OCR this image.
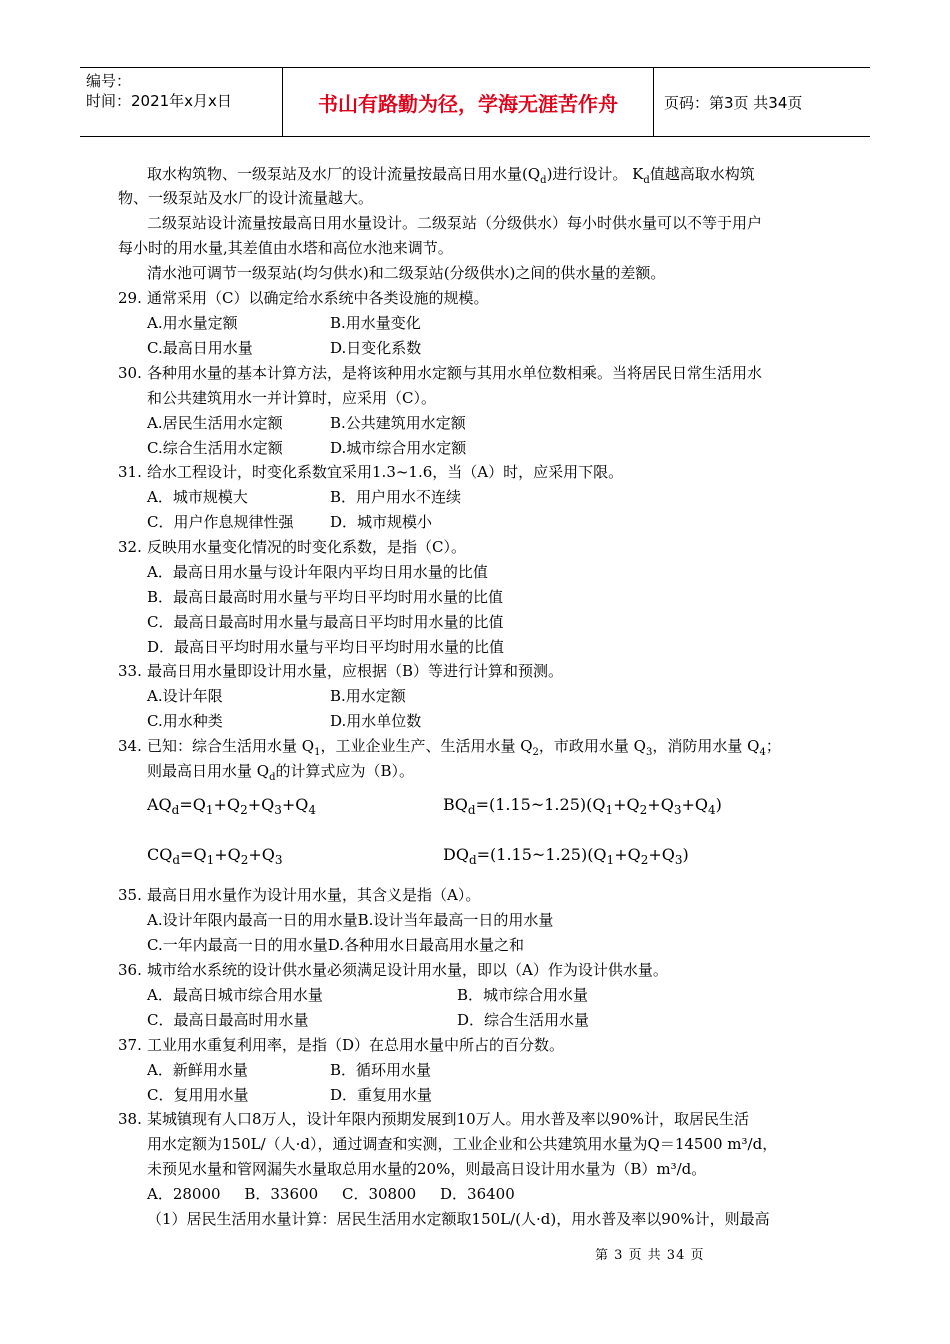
编号：
时间：2021年x月x日	书山有路勤为径，学海无涯苦作舟	页码：第3页 共34页
取水构筑物、一级泵站及水厂的设计流量按最高日用水量$(Q_d)$进行设计。 $K_d$值越高取水构筑
物、一级泵站及水厂的设计流量越大。
二级泵站设计流量按最高日用水量设计。二级泵站（分级供水）每小时供水量可以不等于用户
每小时的用水量,其差值由水塔和高位水池来调节。
清水池可调节一级泵站(均匀供水)和二级泵站(分级供水)之间的供水量的差额。
29. 通常采用（C）以确定给水系统中各类设施的规模。
A.用水量定额	B.用水量变化
C.最高日用水量	D.日变化系数
30. 各种用水量的基本计算方法，是将该种用水定额与其用水单位数相乘。当将居民日常生活用水
和公共建筑用水一并计算时，应采用（C）。
A.居民生活用水定额	B.公共建筑用水定额
C.综合生活用水定额	D.城市综合用水定额
31. 给水工程设计，时变化系数宜采用1.3~1.6，当（A）时，应采用下限。
A．城市规模大	B．用户用水不连续
C．用户作息规律性强 D．城市规模小
32. 反映用水量变化情况的时变化系数，是指（C）。
A．最高日用水量与设计年限内平均日用水量的比值
B．最高日最高时用水量与平均日平均时用水量的比值
C．最高日最高时用水量与最高日平均时用水量的比值
D．最高日平均时用水量与平均日平均时用水量的比值
33. 最高日用水量即设计用水量，应根据（B）等进行计算和预测。
A.设计年限	B.用水定额
C.用水种类	D.用水单位数
34. 已知：综合生活用水量 $Q_1$，工业企业生产、生活用水量 $Q_2$，市政用水量 $Q_3$，消防用水量 $Q_4$；
则最高日用水量 $Q_d$的计算式应为（B）。
$AQ_d=Q_1+Q_2+Q_3+Q_4$	$BQ_d=(1.15\sim 1.25)(Q_1+Q_2+Q_3+Q_4)$
$CQ_d=Q_1+Q_2+Q_3$	$DQ_d=(1.15\sim 1.25)(Q_1+Q_2+Q_3)$
35. 最高日用水量作为设计用水量，其含义是指（A）。
A.设计年限内最高一日的用水量B.设计当年最高一日的用水量
C.一年内最高一日的用水量D.各种用水日最高用水量之和
36. 城市给水系统的设计供水量必须满足设计用水量，即以（A）作为设计供水量。
A．最高日城市综合用水量	B．城市综合用水量
C．最高日最高时用水量	D．综合生活用水量
37. 工业用水重复利用率，是指（D）在总用水量中所占的百分数。
A．新鲜用水量	B．循环用水量
C．复用用水量	D．重复用水量
38. 某城镇现有人口8万人，设计年限内预期发展到10万人。用水普及率以90%计，取居民生活
用水定额为150L/（人·d），通过调查和实测，工业企业和公共建筑用水量为Q＝14500 m³/d，
未预见水量和管网漏失水量取总用水量的20%，则最高日设计用水量为（B）m³/d。
A．28000     B．33600     C．30800     D．36400
（1）居民生活用水量计算：居民生活用水定额取150L/(人·d)，用水普及率以90%计，则最高
第 3 页 共 34 页
